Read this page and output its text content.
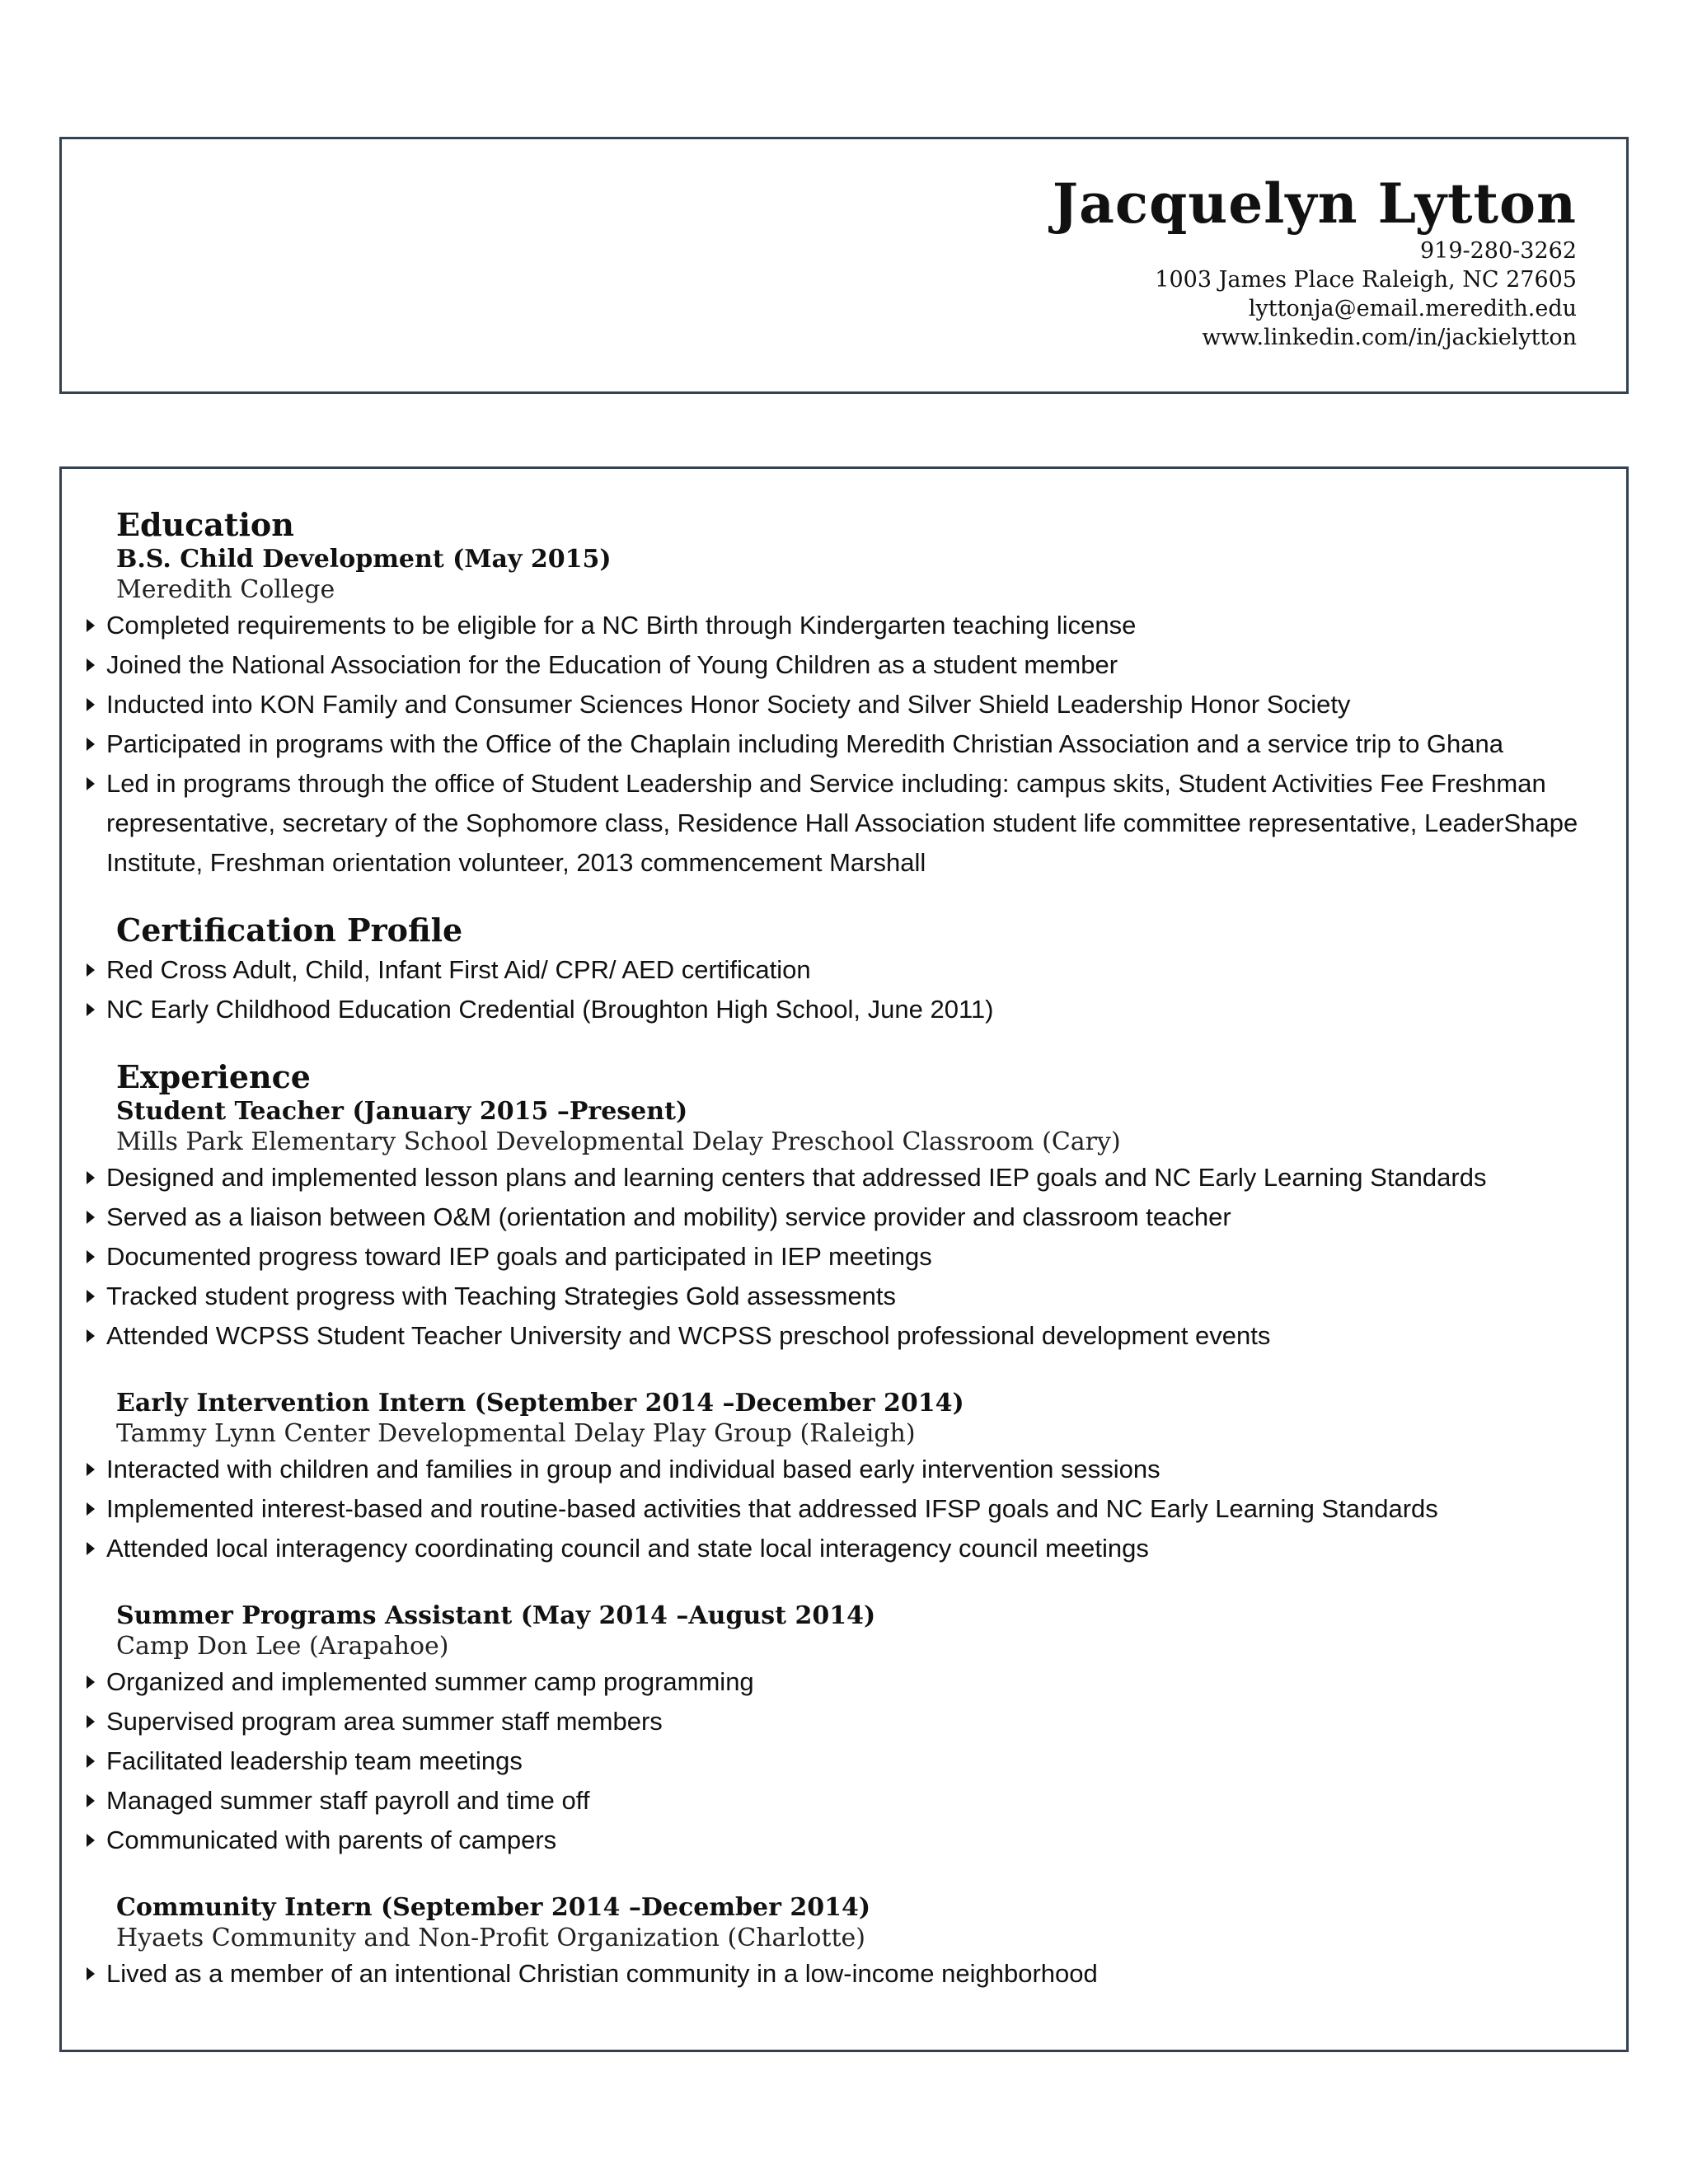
Jacquelyn Lytton
919-280-3262
1003 James Place Raleigh, NC 27605
lyttonja@email.meredith.edu
www.linkedin.com/in/jackielytton
Education
B.S. Child Development (May 2015)
Meredith College
Completed requirements to be eligible for a NC Birth through Kindergarten teaching license
Joined the National Association for the Education of Young Children as a student member
Inducted into KON Family and Consumer Sciences Honor Society and Silver Shield Leadership Honor Society
Participated in programs with the Office of the Chaplain including Meredith Christian Association and a service trip to Ghana
Led in programs through the office of Student Leadership and Service including: campus skits, Student Activities Fee Freshman representative, secretary of the Sophomore class, Residence Hall Association student life committee representative, LeaderShape Institute, Freshman orientation volunteer, 2013 commencement Marshall
Certification Profile
Red Cross Adult, Child, Infant First Aid/ CPR/ AED certification
NC Early Childhood Education Credential (Broughton High School, June 2011)
Experience
Student Teacher (January 2015 –Present)
Mills Park Elementary School Developmental Delay Preschool Classroom (Cary)
Designed and implemented lesson plans and learning centers that addressed IEP goals and NC Early Learning Standards
Served as a liaison between O&M (orientation and mobility) service provider and classroom teacher
Documented progress toward IEP goals and participated in IEP meetings
Tracked student progress with Teaching Strategies Gold assessments
Attended WCPSS Student Teacher University and WCPSS preschool professional development events
Early Intervention Intern (September 2014 –December 2014)
Tammy Lynn Center Developmental Delay Play Group (Raleigh)
Interacted with children and families in group and individual based early intervention sessions
Implemented interest-based and routine-based activities that addressed IFSP goals and NC Early Learning Standards
Attended local interagency coordinating council and state local interagency council meetings
Summer Programs Assistant (May 2014 –August 2014)
Camp Don Lee (Arapahoe)
Organized and implemented summer camp programming
Supervised program area summer staff members
Facilitated leadership team meetings
Managed summer staff payroll and time off
Communicated with parents of campers
Community Intern (September 2014 –December 2014)
Hyaets Community and Non-Profit Organization (Charlotte)
Lived as a member of an intentional Christian community in a low-income neighborhood
